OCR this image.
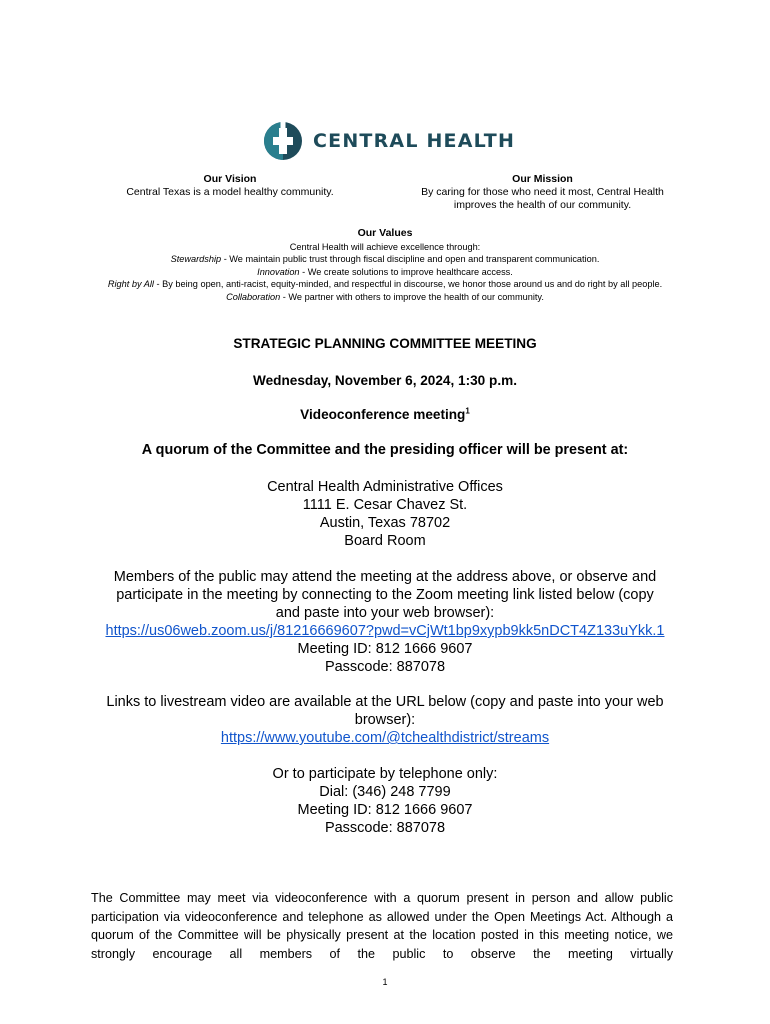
CENTRAL HEALTH
Our Vision
Central Texas is a model healthy community.
Our Mission
By caring for those who need it most, Central Health
improves the health of our community.
Our Values
Central Health will achieve excellence through:
Stewardship - We maintain public trust through fiscal discipline and open and transparent communication.
Innovation - We create solutions to improve healthcare access.
Right by All - By being open, anti-racist, equity-minded, and respectful in discourse, we honor those around us and do right by all people.
Collaboration - We partner with others to improve the health of our community.
STRATEGIC PLANNING COMMITTEE MEETING
Wednesday, November 6, 2024, 1:30 p.m.
Videoconference meeting$^1$
A quorum of the Committee and the presiding officer will be present at:
Central Health Administrative Offices
1111 E. Cesar Chavez St.
Austin, Texas 78702
Board Room
Members of the public may attend the meeting at the address above, or observe and
participate in the meeting by connecting to the Zoom meeting link listed below (copy
and paste into your web browser):
https://us06web.zoom.us/j/81216669607?pwd=vCjWt1bp9xypb9kk5nDCT4Z133uYkk.1
Meeting ID: 812 1666 9607
Passcode: 887078
Links to livestream video are available at the URL below (copy and paste into your web
browser):
https://www.youtube.com/@tchealthdistrict/streams
Or to participate by telephone only:
Dial: (346) 248 7799
Meeting ID: 812 1666 9607
Passcode: 887078
The Committee may meet via videoconference with a quorum present in person and allow public participation via videoconference and telephone as allowed under the Open Meetings Act. Although a quorum of the Committee will be physically present at the location posted in this meeting notice, we strongly encourage all members of the public to observe the meeting virtually
1
